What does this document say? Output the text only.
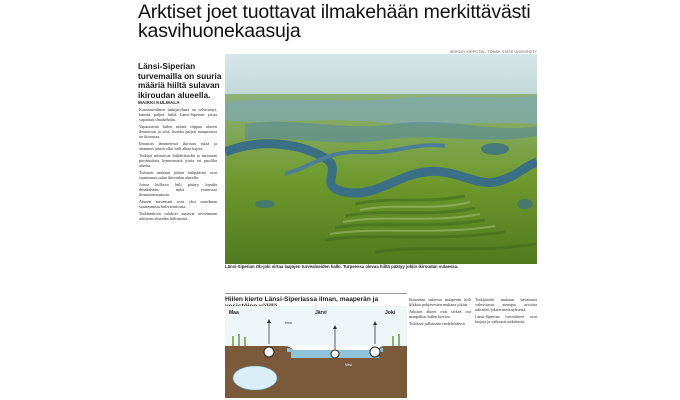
Arktiset joet tuottavat ilmakehään merkittävästi kasvihuonekaasuja
SERGEY KIRPOTIN / TOMSK STATE UNIVERSITY

Länsi-Siperian turvemailla on suuria määriä hiiltä sulavan ikiroudan alueella.

MAIKKI KULMALA

Kansainvälinen tutkijaryhmä on selvittänyt, kuinka paljon hiiltä Länsi-Siperian joista vapautuu ilmakehään.

Vapautuvan hiilen määrä riippuu alueen ilmastosta ja siitä, kuinka paljon maaperässä on ikiroutaa.

Ilmaston lämmetessä ikirouta sulaa ja aiemmin jäässä ollut hiili alkaa hajota.

Tutkijat mittasivat hiilidioksidin ja metaanin pitoisuuksia kymmenistä joista eri puolilta aluetta.

Tulosten mukaan jokien hiilipäästöt ovat suurimmat sulan ikiroudan alueella.

Joissa kulkeva hiili päätyy lopulta ilmakehään, mikä voimistaa ilmastonmuutosta.

Alueen turvemaat ovat yksi maailman suurimmista hiilivarastoista.

Tutkimuksen tulokset auttavat arvioimaan arktisten alueiden hiilitasetta.

Länsi-Siperian Ob-joki virtaa laajojen turvealueiden halki. Turpeessa olevaa hiiltä päätyy jokiin ikiroudan sulaessa.
Hiilen kierto Länsi-Siperiassa ilman, maaperän ja
Maa	Järvi	Joki
Ilma
Vesi

Ikiroudan sulaessa maaperän hiili liikkuu pohjavesien mukana jokiin.

Arktiset alueet ovat tärkeä osa maapallon hiilen kiertoa.

Tulokset julkaistiin tiedelehdessä.

Tutkijoiden mukaan havainnot vahvistavat aiempia arvioita arktisten jokien merkityksestä.

Länsi-Siperian turvealueet ovat laajoja ja vaikeasti tutkittavia.
